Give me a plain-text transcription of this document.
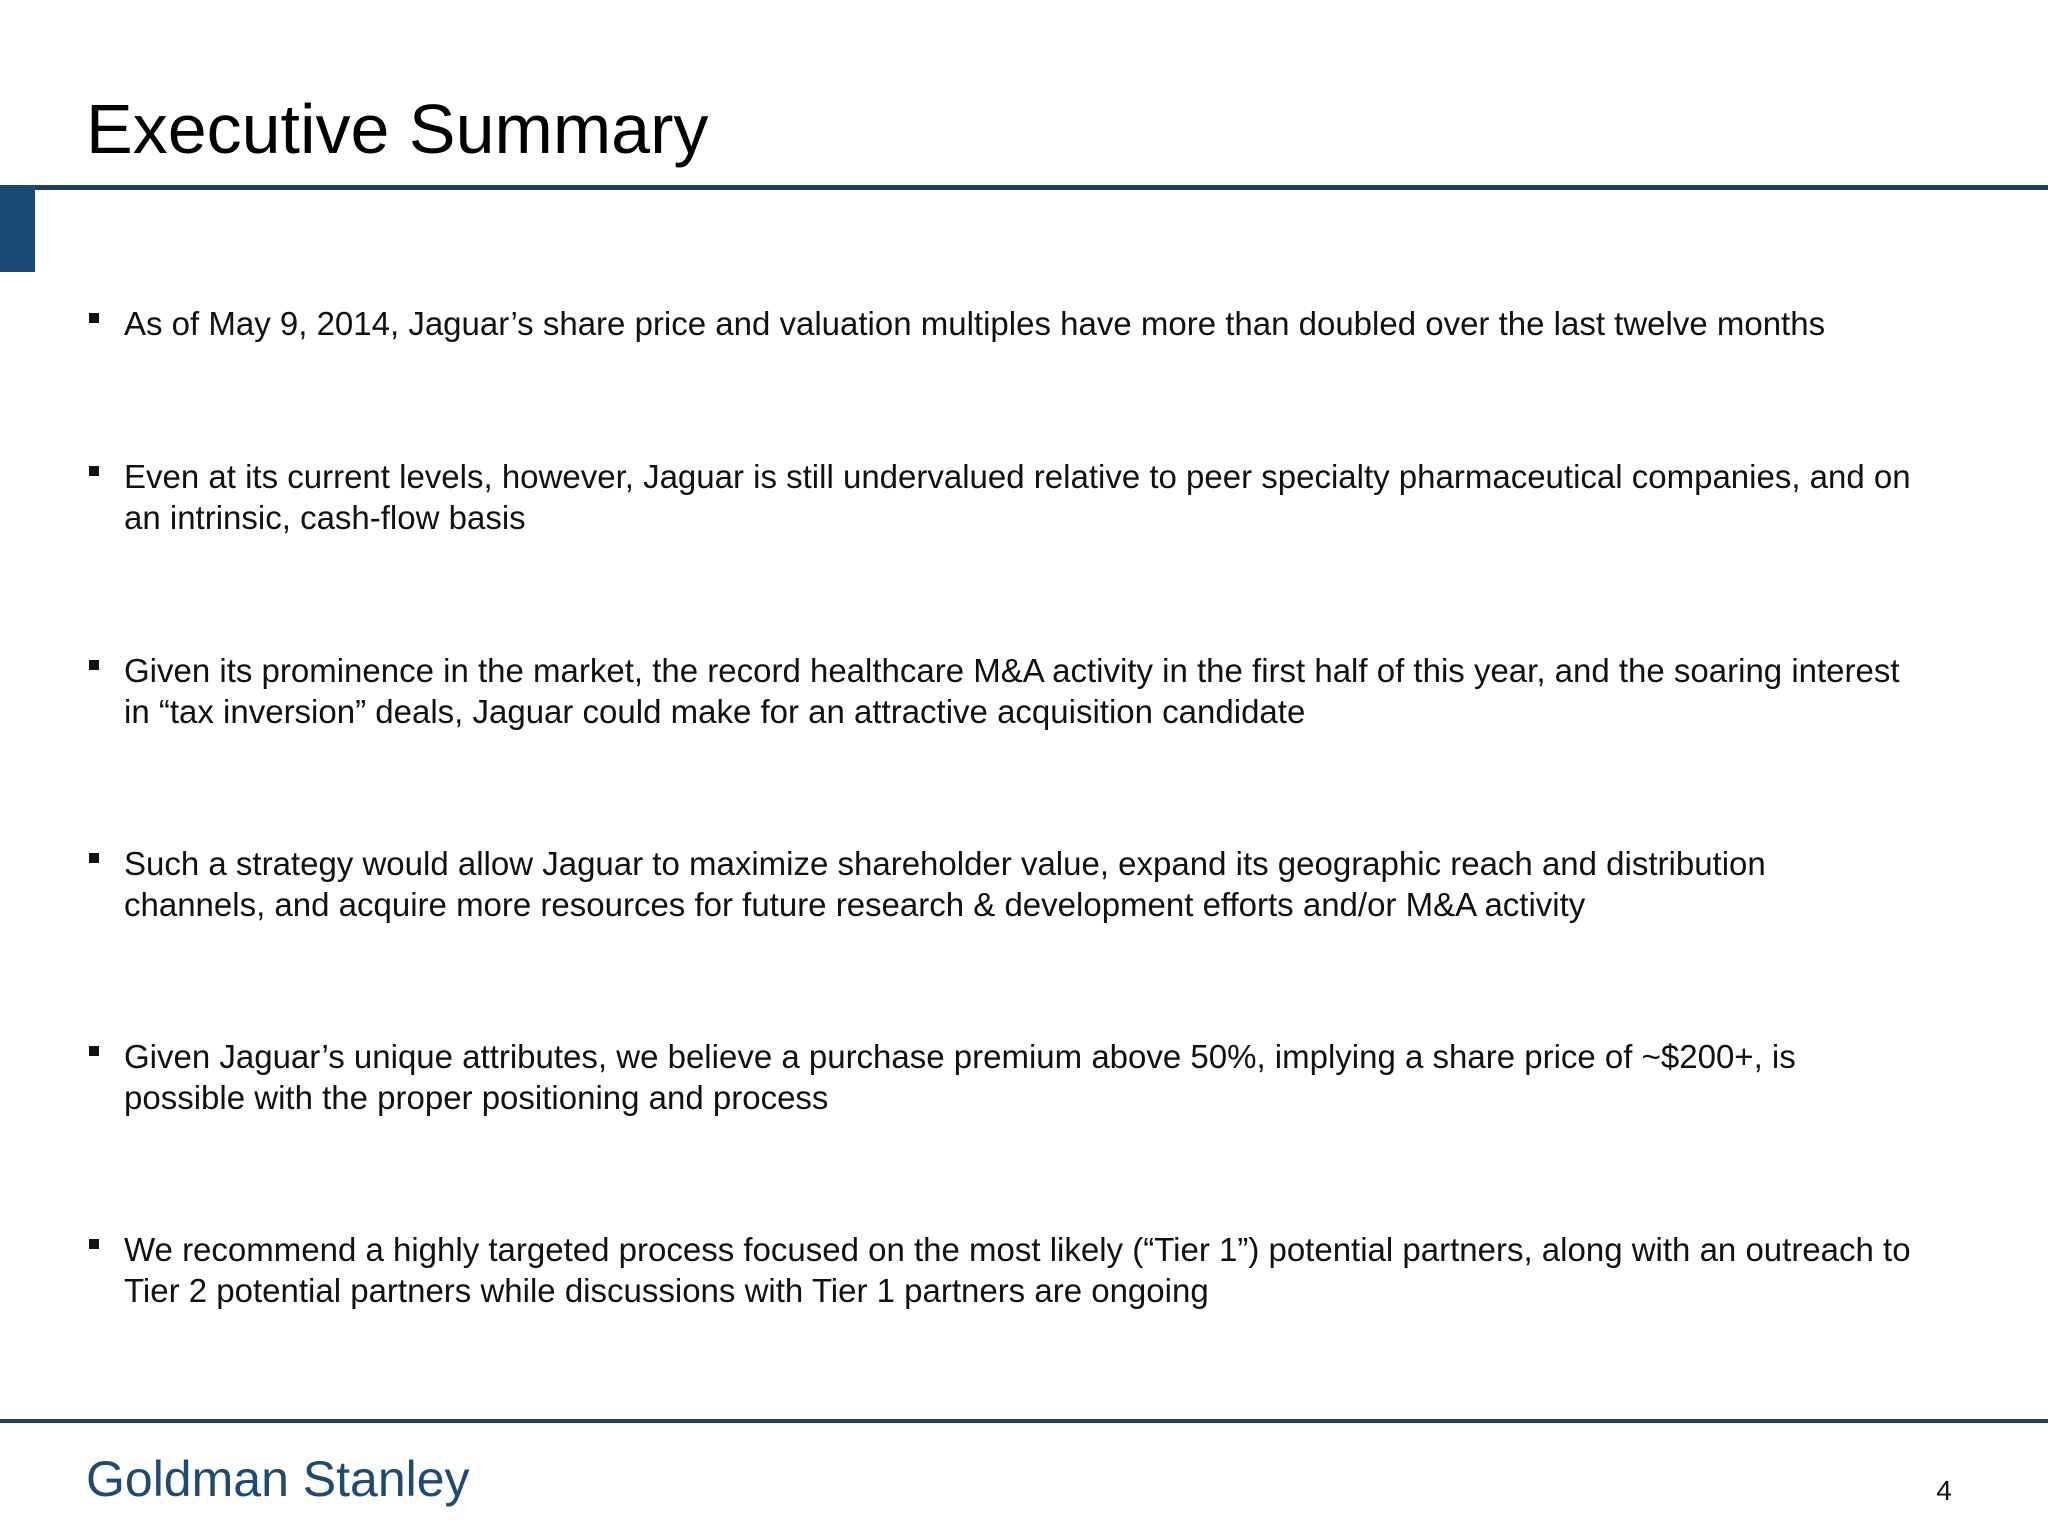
Executive Summary
As of May 9, 2014, Jaguar’s share price and valuation multiples have more than doubled over the last twelve months
Even at its current levels, however, Jaguar is still undervalued relative to peer specialty pharmaceutical companies, and on an intrinsic, cash-flow basis
Given its prominence in the market, the record healthcare M&A activity in the first half of this year, and the soaring interest in “tax inversion” deals, Jaguar could make for an attractive acquisition candidate
Such a strategy would allow Jaguar to maximize shareholder value, expand its geographic reach and distribution channels, and acquire more resources for future research & development efforts and/or M&A activity
Given Jaguar’s unique attributes, we believe a purchase premium above 50%, implying a share price of ~$200+, is possible with the proper positioning and process
We recommend a highly targeted process focused on the most likely (“Tier 1”) potential partners, along with an outreach to Tier 2 potential partners while discussions with Tier 1 partners are ongoing
Goldman Stanley	4
